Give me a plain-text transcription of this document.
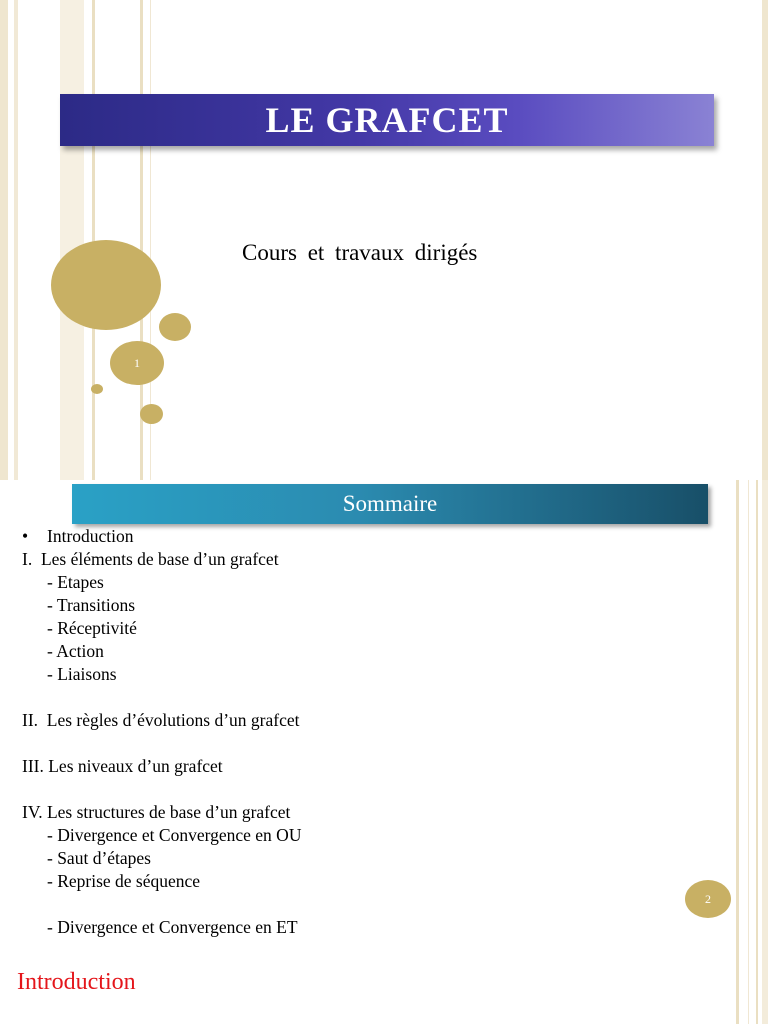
1
LE GRAFCET
Cours et travaux dirigés
Sommaire
• Introduction
I. Les éléments de base d’un grafcet
- Etapes
- Transitions
- Réceptivité
- Action
- Liaisons
II. Les règles d’évolutions d’un grafcet
III. Les niveaux d’un grafcet
IV. Les structures de base d’un grafcet
- Divergence et Convergence en OU
- Saut d’étapes
- Reprise de séquence
- Divergence et Convergence en ET
2
Introduction
